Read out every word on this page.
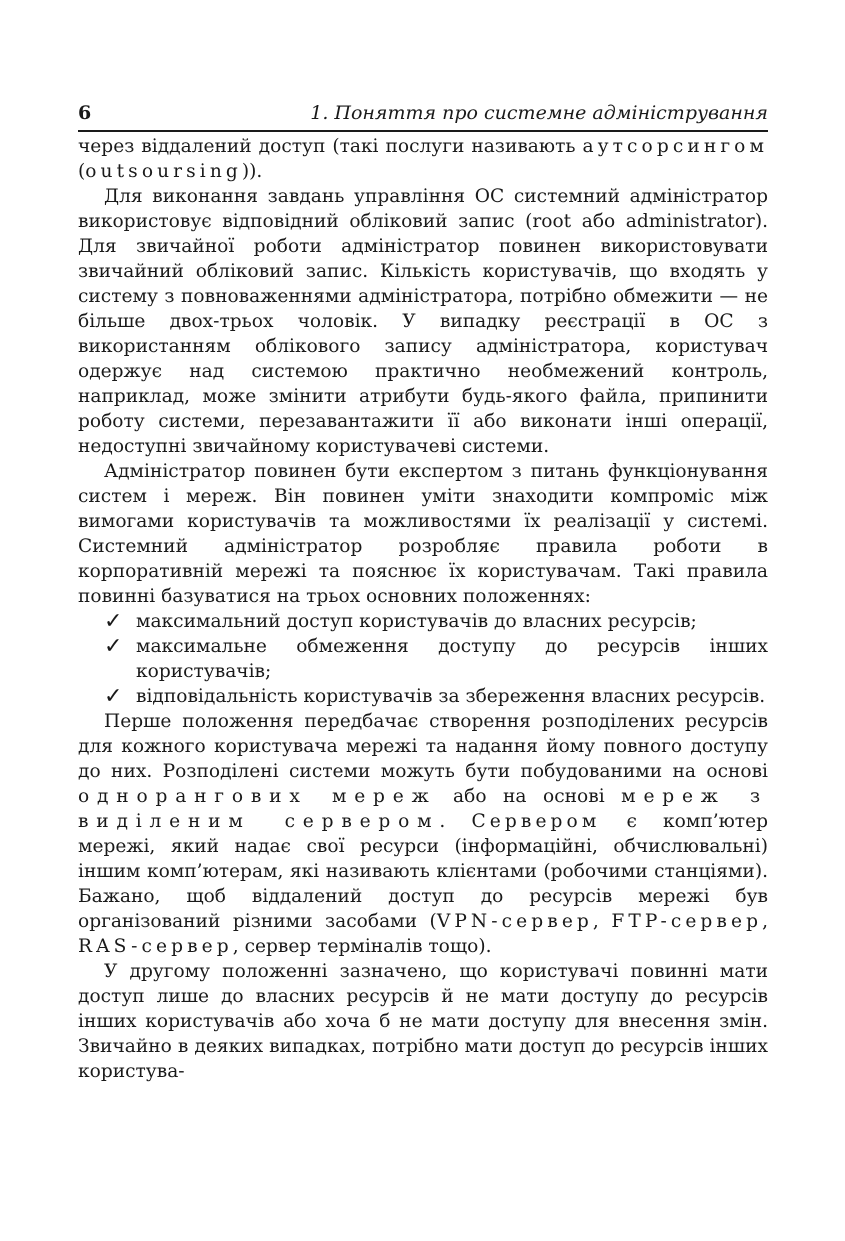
6	1. Поняття про системне адміністрування

через віддалений доступ (такі послуги називають аутсорсингом (outsoursing)).

Для виконання завдань управління ОС системний адміністратор використовує відповідний обліковий запис (root або administrator). Для звичайної роботи адміністратор повинен використовувати звичайний обліковий запис. Кількість користувачів, що входять у систему з повноваженнями адміністратора, потрібно обмежити — не більше двох-трьох чоловік. У випадку реєстрації в ОС з використанням облікового запису адміністратора, користувач одержує над системою практично необмежений контроль, наприклад, може змінити атрибути будь-якого файла, припинити роботу системи, перезавантажити її або виконати інші операції, недоступні звичайному користувачеві системи.

Адміністратор повинен бути експертом з питань функціонування систем і мереж. Він повинен уміти знаходити компроміс між вимогами користувачів та можливостями їх реалізації у системі. Системний адміністратор розробляє правила роботи в корпоративній мережі та пояснює їх користувачам. Такі правила повинні базуватися на трьох основних положеннях:

✓ максимальний доступ користувачів до власних ресурсів;
✓ максимальне обмеження доступу до ресурсів інших користувачів;
✓ відповідальність користувачів за збереження власних ресурсів.

Перше положення передбачає створення розподілених ресурсів для кожного користувача мережі та надання йому повного доступу до них. Розподілені системи можуть бути побудованими на основі однорангових мереж або на основі мереж з виділеним сервером. Сервером є комп’ютер мережі, який надає свої ресурси (інформаційні, обчислювальні) іншим комп’ютерам, які називають клієнтами (робочими станціями). Бажано, щоб віддалений доступ до ресурсів мережі був організований різними засобами (VPN-сервер, FTP-сервер, RAS-сервер, сервер терміналів тощо).

У другому положенні зазначено, що користувачі повинні мати доступ лише до власних ресурсів й не мати доступу до ресурсів інших користувачів або хоча б не мати доступу для внесення змін. Звичайно в деяких випадках, потрібно мати доступ до ресурсів інших користува-
